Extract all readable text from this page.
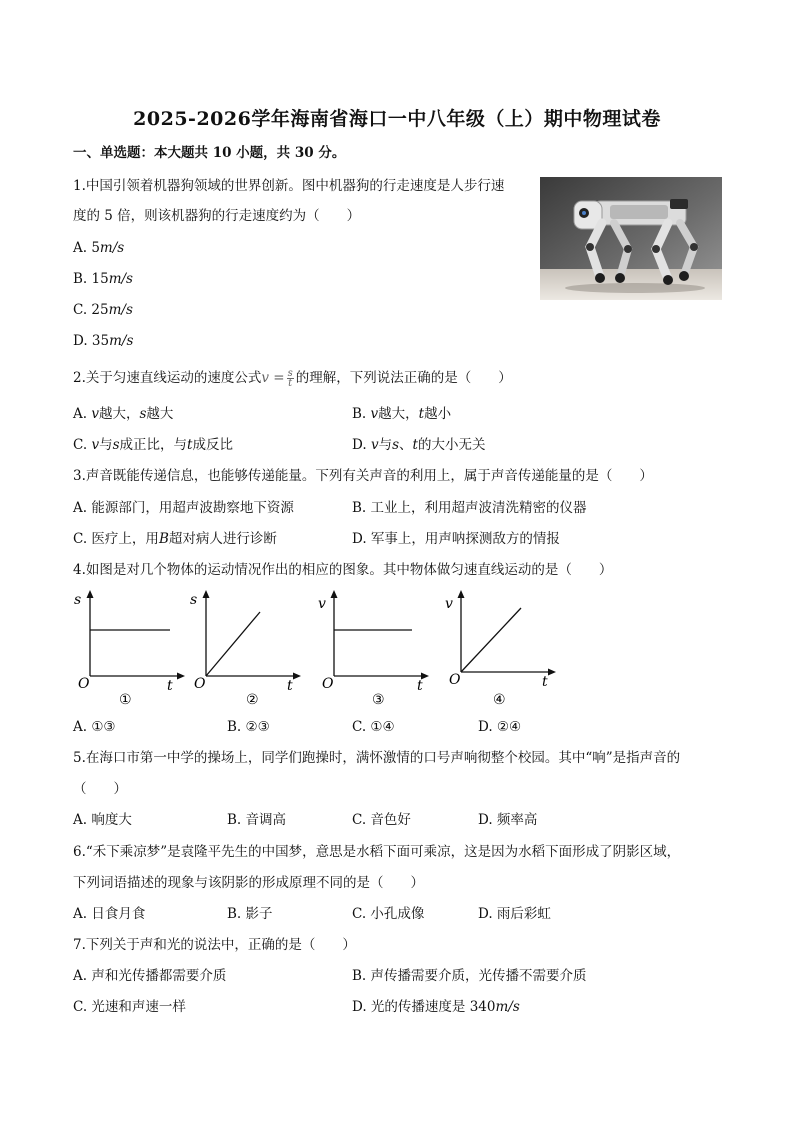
2025-2026学年海南省海口一中八年级（上）期中物理试卷
一、单选题：本大题共 10 小题，共 30 分。
1.中国引领着机器狗领域的世界创新。图中机器狗的行走速度是人步行速
度的 5 倍，则该机器狗的行走速度约为（　　）
A. 5m/s
B. 15m/s
C. 25m/s
D. 35m/s
2.关于匀速直线运动的速度公式$v = \frac{s}{t}$ 的理解，下列说法正确的是（　　）
A. v越大，s越大	B. v越大，t越小
C. v与s成正比，与t成反比	D. v与s、t的大小无关
3.声音既能传递信息，也能够传递能量。下列有关声音的利用上，属于声音传递能量的是（　　）
A. 能源部门，用超声波勘察地下资源	B. 工业上，利用超声波清洗精密的仪器
C. 医疗上，用B超对病人进行诊断	D. 军事上，用声呐探测敌方的情报
4.如图是对几个物体的运动情况作出的相应的图象。其中物体做匀速直线运动的是（　　）
s
O	t
①
s
O	t
②
v
O	t
③
v
O	t
④
A. ①③	B. ②③	C. ①④	D. ②④
5.在海口市第一中学的操场上，同学们跑操时，满怀激情的口号声响彻整个校园。其中“响”是指声音的
（　　）
A. 响度大	B. 音调高	C. 音色好	D. 频率高
6.“禾下乘凉梦”是袁隆平先生的中国梦，意思是水稻下面可乘凉，这是因为水稻下面形成了阴影区域，
下列词语描述的现象与该阴影的形成原理不同的是（　　）
A. 日食月食	B. 影子	C. 小孔成像	D. 雨后彩虹
7.下列关于声和光的说法中，正确的是（　　）
A. 声和光传播都需要介质	B. 声传播需要介质，光传播不需要介质
C. 光速和声速一样	D. 光的传播速度是 340m/s
